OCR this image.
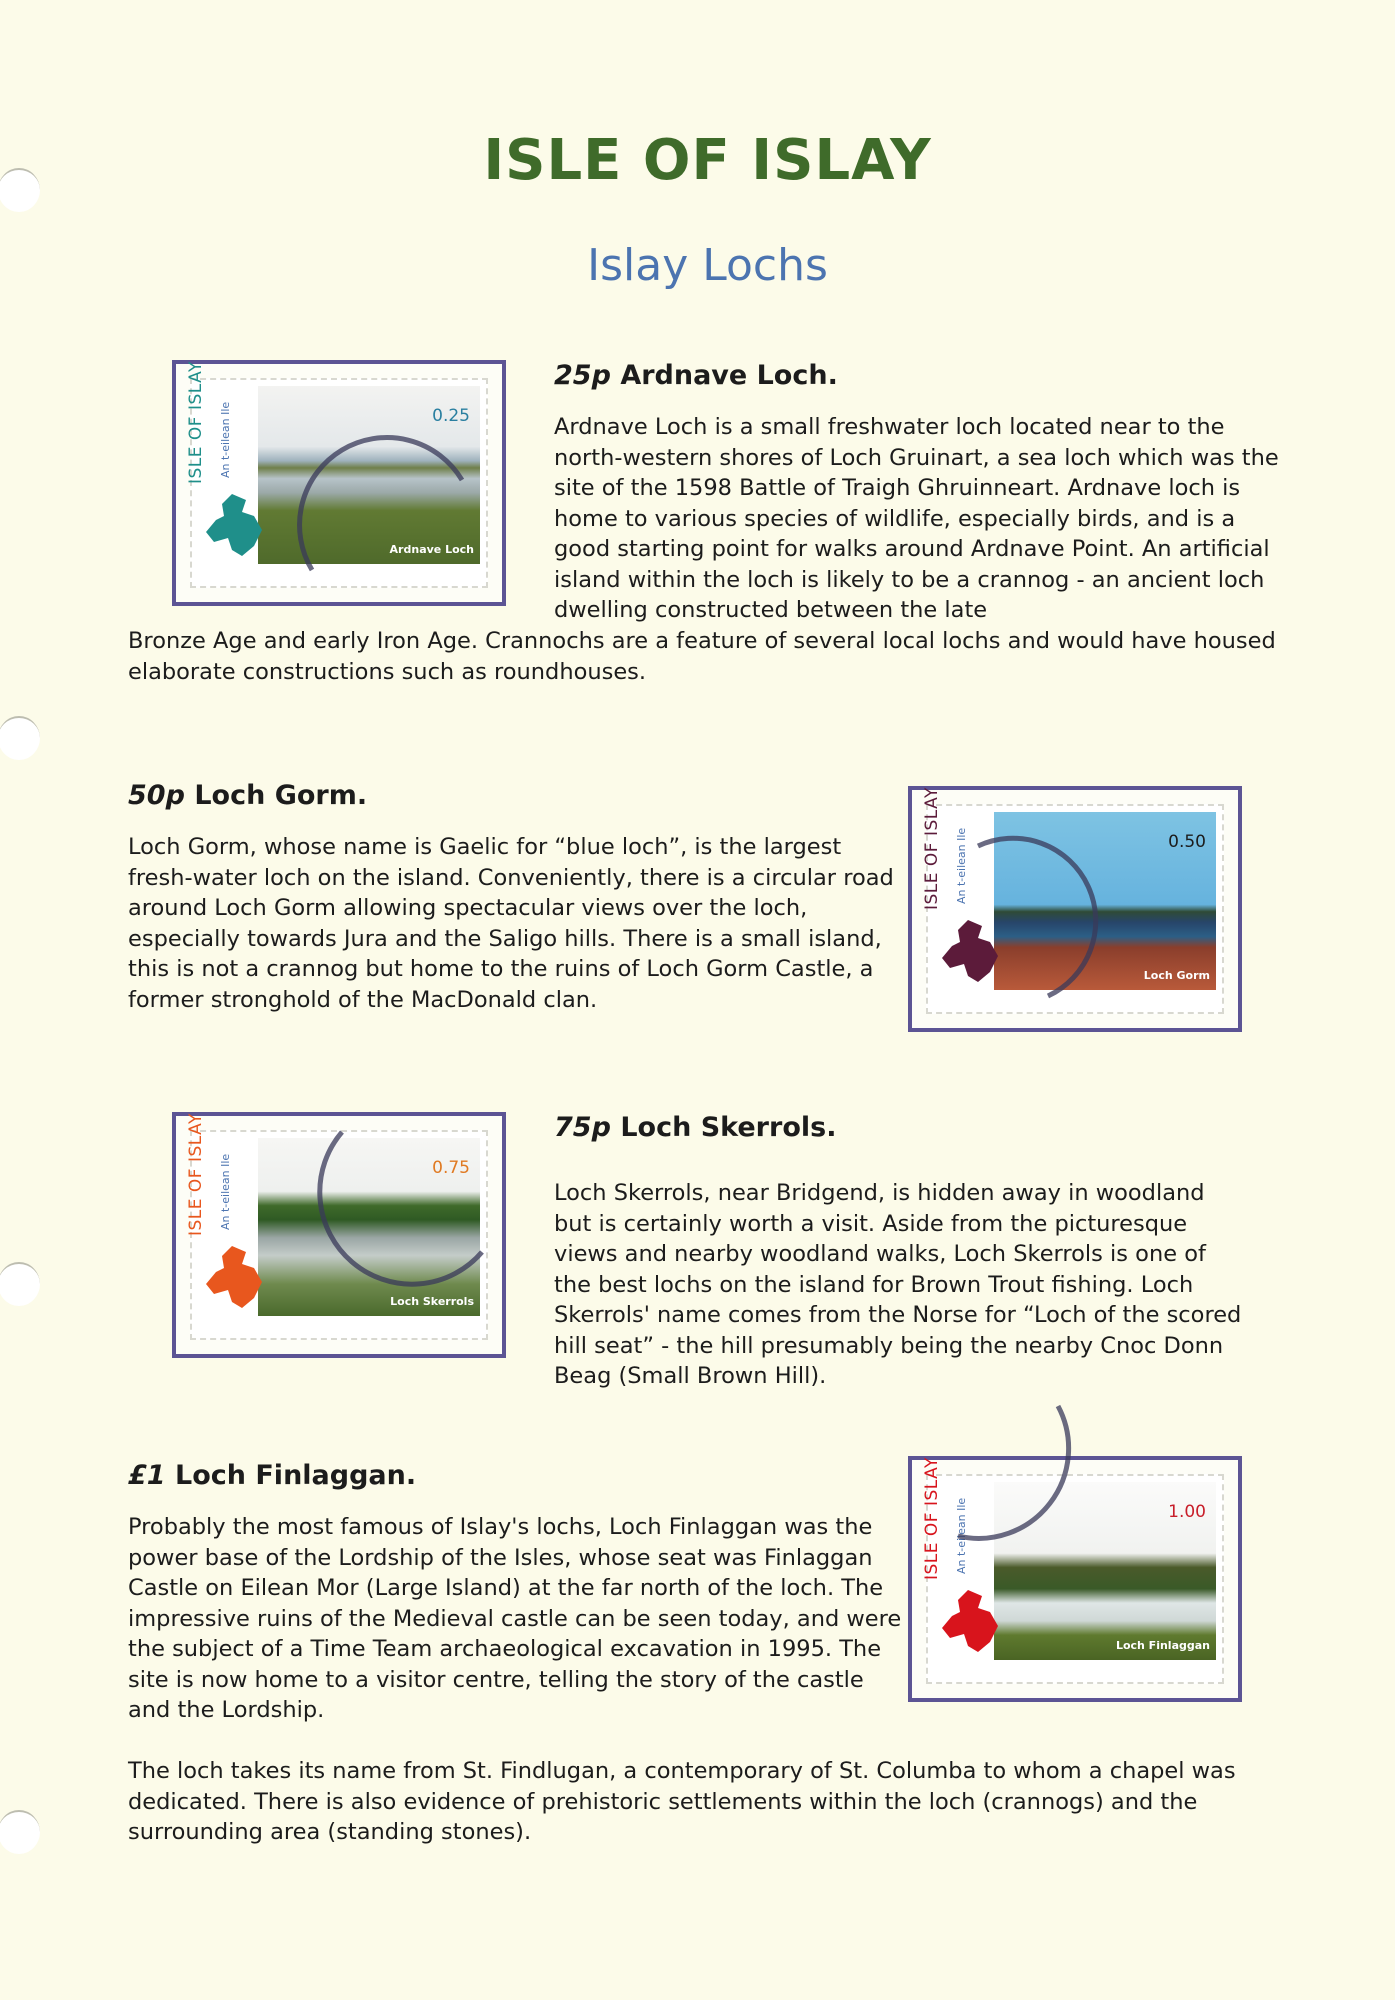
ISLE OF ISLAY
Islay Lochs
ISLE OF ISLAY An t-eilean Ile	0.25
Ardnave Loch
25p Ardnave Loch.

Ardnave Loch is a small freshwater loch located near to the north-western shores of Loch Gruinart, a sea loch which was the site of the 1598 Battle of Traigh Ghruinneart. Ardnave loch is home to various species of wildlife, especially birds, and is a good starting point for walks around Ardnave Point. An artificial island within the loch is likely to be a crannog - an ancient loch dwelling constructed between the late

Bronze Age and early Iron Age. Crannochs are a feature of several local lochs and would have housed elaborate constructions such as roundhouses.

50p Loch Gorm.

Loch Gorm, whose name is Gaelic for “blue loch”, is the largest fresh-water loch on the island. Conveniently, there is a circular road around Loch Gorm allowing spectacular views over the loch, especially towards Jura and the Saligo hills. There is a small island, this is not a crannog but home to the ruins of Loch Gorm Castle, a former stronghold of the MacDonald clan.

ISLE OF ISLAY An t-eilean Ile	0.50
Loch Gorm
ISLE OF ISLAY An t-eilean Ile	0.75
Loch Skerrols
75p Loch Skerrols.

Loch Skerrols, near Bridgend, is hidden away in woodland but is certainly worth a visit. Aside from the picturesque views and nearby woodland walks, Loch Skerrols is one of the best lochs on the island for Brown Trout fishing. Loch Skerrols' name comes from the Norse for “Loch of the scored hill seat” - the hill presumably being the nearby Cnoc Donn Beag (Small Brown Hill).

£1 Loch Finlaggan.

Probably the most famous of Islay's lochs, Loch Finlaggan was the power base of the Lordship of the Isles, whose seat was Finlaggan Castle on Eilean Mor (Large Island) at the far north of the loch. The impressive ruins of the Medieval castle can be seen today, and were the subject of a Time Team archaeological excavation in 1995. The site is now home to a visitor centre, telling the story of the castle and the Lordship.

ISLE OF ISLAY An t-eilean Ile	1.00
Loch Finlaggan

The loch takes its name from St. Findlugan, a contemporary of St. Columba to whom a chapel was dedicated. There is also evidence of prehistoric settlements within the loch (crannogs) and the surrounding area (standing stones).
